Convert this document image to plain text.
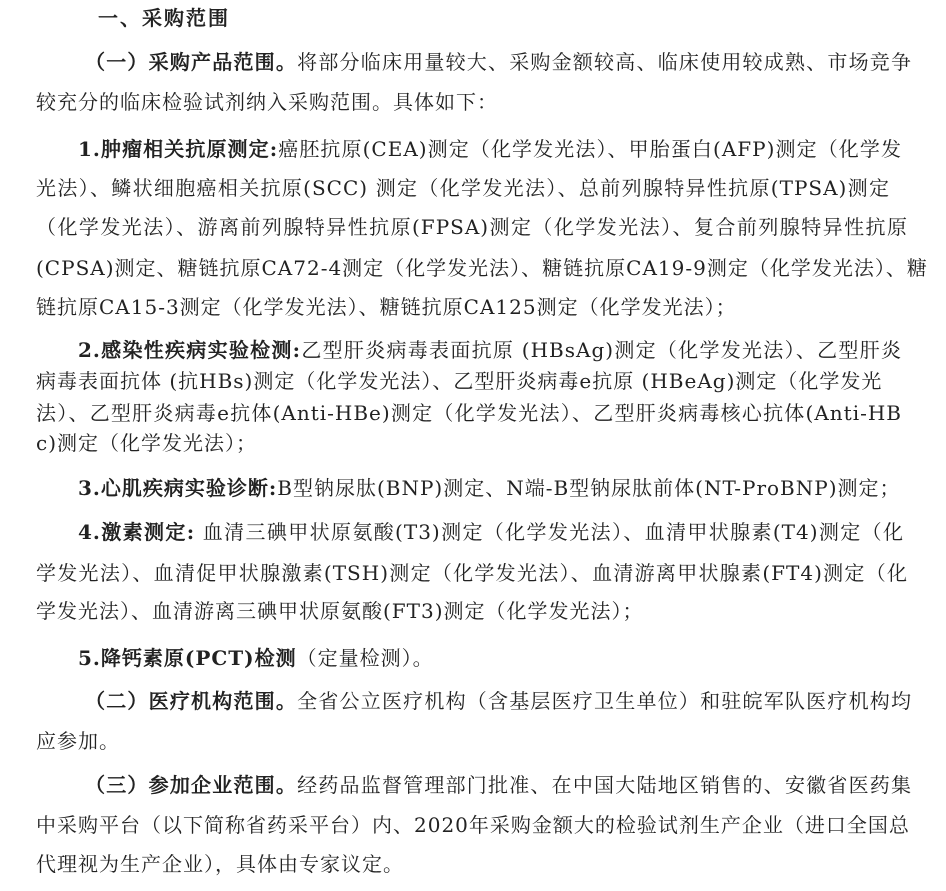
一、采购范围
（一）采购产品范围。将部分临床用量较大、采购金额较高、临床使用较成熟、市场竞争
较充分的临床检验试剂纳入采购范围。具体如下：
1.肿瘤相关抗原测定:癌胚抗原(CEA)测定（化学发光法）、甲胎蛋白(AFP)测定（化学发
光法）、鳞状细胞癌相关抗原(SCC) 测定（化学发光法）、总前列腺特异性抗原(TPSA)测定
（化学发光法）、游离前列腺特异性抗原(FPSA)测定（化学发光法）、复合前列腺特异性抗原
(CPSA)测定、糖链抗原CA72-4测定（化学发光法）、糖链抗原CA19-9测定（化学发光法）、糖
链抗原CA15-3测定（化学发光法）、糖链抗原CA125测定（化学发光法）；
2.感染性疾病实验检测:乙型肝炎病毒表面抗原 (HBsAg)测定（化学发光法）、乙型肝炎
病毒表面抗体 (抗HBs)测定（化学发光法）、乙型肝炎病毒e抗原 (HBeAg)测定（化学发光
法）、乙型肝炎病毒e抗体(Anti-HBe)测定（化学发光法）、乙型肝炎病毒核心抗体(Anti-HB
c)测定（化学发光法）；
3.心肌疾病实验诊断:B型钠尿肽(BNP)测定、N端-B型钠尿肽前体(NT-ProBNP)测定；
4.激素测定: 血清三碘甲状原氨酸(T3)测定（化学发光法）、血清甲状腺素(T4)测定（化
学发光法）、血清促甲状腺激素(TSH)测定（化学发光法）、血清游离甲状腺素(FT4)测定（化
学发光法）、血清游离三碘甲状原氨酸(FT3)测定（化学发光法）；
5.降钙素原(PCT)检测（定量检测）。
（二）医疗机构范围。全省公立医疗机构（含基层医疗卫生单位）和驻皖军队医疗机构均
应参加。
（三）参加企业范围。经药品监督管理部门批准、在中国大陆地区销售的、安徽省医药集
中采购平台（以下简称省药采平台）内、2020年采购金额大的检验试剂生产企业（进口全国总
代理视为生产企业），具体由专家议定。
